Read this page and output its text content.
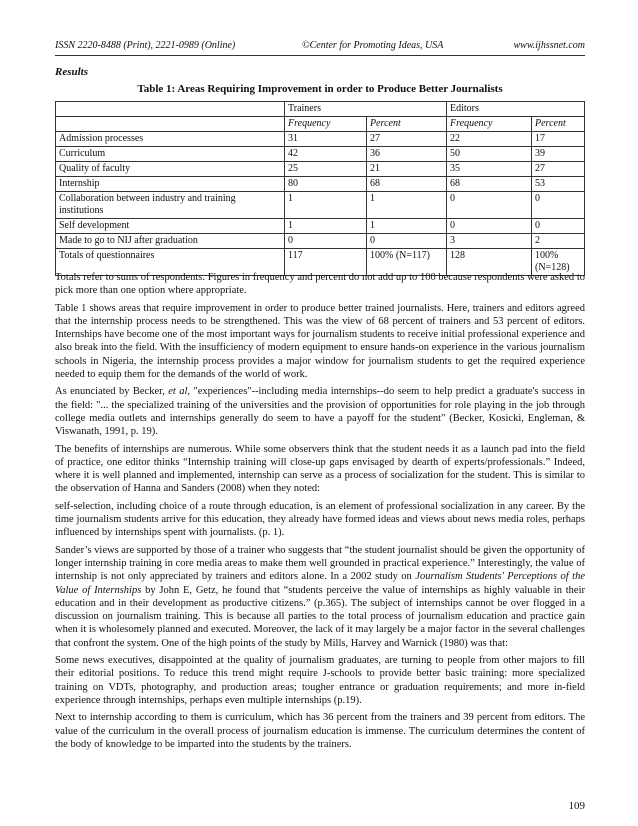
ISSN 2220-8488 (Print), 2221-0989 (Online)	©Center for Promoting Ideas, USA	www.ijhssnet.com
Results
Table 1: Areas Requiring Improvement in order to Produce Better Journalists
	Trainers		Editors	
	Frequency	Percent	Frequency	Percent
Admission processes	31	27	22	17
Curriculum	42	36	50	39
Quality of faculty	25	21	35	27
Internship	80	68	68	53
Collaboration between industry and training institutions	1	1	0	0
Self development	1	1	0	0
Made to go to NIJ after graduation	0	0	3	2
Totals of questionnaires	117	100% (N=117)	128	100% (N=128)

Totals refer to sums of respondents. Figures in frequency and percent do not add up to 100 because respondents were asked to pick more than one option where appropriate.

Table 1 shows areas that require improvement in order to produce better trained journalists. Here, trainers and editors agreed that the internship process needs to be strengthened. This was the view of 68 percent of trainers and 53 percent of editors. Internships have become one of the most important ways for journalism students to receive initial professional experience and also break into the field. With the insufficiency of modern equipment to ensure hands-on experience in the various journalism schools in Nigeria, the internship process provides a major window for journalism students to get the required experience needed to equip them for the demands of the world of work.

As enunciated by Becker, et al, "experiences"--including media internships--do seem to help predict a graduate's success in the field: "... the specialized training of the universities and the provision of opportunities for role playing in the job through college media outlets and internships generally do seem to have a payoff for the student" (Becker, Kosicki, Engleman, & Viswanath, 1991, p. 19).

The benefits of internships are numerous. While some observers think that the student needs it as a launch pad into the field of practice, one editor thinks “Internship training will close-up gaps envisaged by dearth of experts/professionals.” Indeed, where it is well planned and implemented, internship can serve as a process of socialization for the student. This is similar to the observation of Hanna and Sanders (2008) when they noted:

self-selection, including choice of a route through education, is an element of professional socialization in any career. By the time journalism students arrive for this education, they already have formed ideas and views about news media roles, perhaps influenced by internships spent with journalists. (p. 1).

Sander’s views are supported by those of a trainer who suggests that “the student journalist should be given the opportunity of longer internship training in core media areas to make them well grounded in practical experience.” Interestingly, the value of internship is not only appreciated by trainers and editors alone. In a 2002 study on Journalism Students' Perceptions of the Value of Internships by John E, Getz, he found that “students perceive the value of internships as highly valuable in their education and in their development as productive citizens.” (p.365). The subject of internships cannot be over flogged in a discussion on journalism training. This is because all parties to the total process of journalism education and practice gain when it is wholesomely planned and executed. Moreover, the lack of it may largely be a major factor in the several challenges that confront the system. One of the high points of the study by Mills, Harvey and Warnick (1980) was that:

Some news executives, disappointed at the quality of journalism graduates, are turning to people from other majors to fill their editorial positions. To reduce this trend might require J-schools to provide better basic training: more specialized training on VDTs, photography, and production areas; tougher entrance or graduation requirements; and more in-field experience through internships, perhaps even multiple internships (p.19).

Next to internship according to them is curriculum, which has 36 percent from the trainers and 39 percent from editors. The value of the curriculum in the overall process of journalism education is immense. The curriculum determines the content of the body of knowledge to be imparted into the students by the trainers.

109
